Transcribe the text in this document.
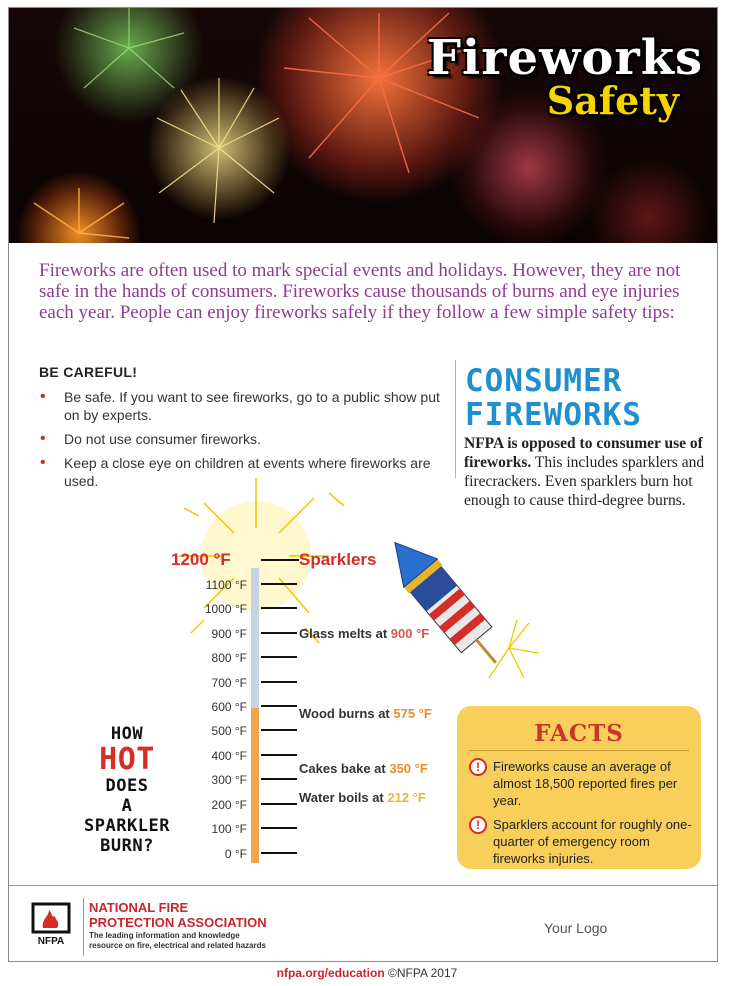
Fireworks
Safety
Fireworks are often used to mark special events and holidays. However, they are not safe in the hands of consumers. Fireworks cause thousands of burns and eye injuries each year. People can enjoy fireworks safely if they follow a few simple safety tips:
BE CAREFUL!
• Be safe. If you want to see fireworks, go to a public show put on by experts.
• Do not use consumer fireworks.
• Keep a close eye on children at events where fireworks are used.
CONSUMER
FIREWORKS
NFPA is opposed to consumer use of fireworks. This includes sparklers and firecrackers. Even sparklers burn hot enough to cause third-degree burns.
1200 °F	Sparklers
1100 °F
1000 °F
900 °F
800 °F
700 °F
600 °F
500 °F
400 °F
300 °F
200 °F
100 °F
0 °F
Glass melts at 900 °F
Wood burns at 575 °F
Cakes bake at 350 °F
Water boils at 212 °F
HOW
HOT
DOES
A
SPARKLER
BURN?
FACTS
!	Fireworks cause an average of almost 18,500 reported fires per year.
!	Sparklers account for roughly one-quarter of emergency room fireworks injuries.
NFPA
NATIONAL FIRE
PROTECTION ASSOCIATION
The leading information and knowledge resource on fire, electrical and related hazards
Your Logo
nfpa.org/education ©NFPA 2017
